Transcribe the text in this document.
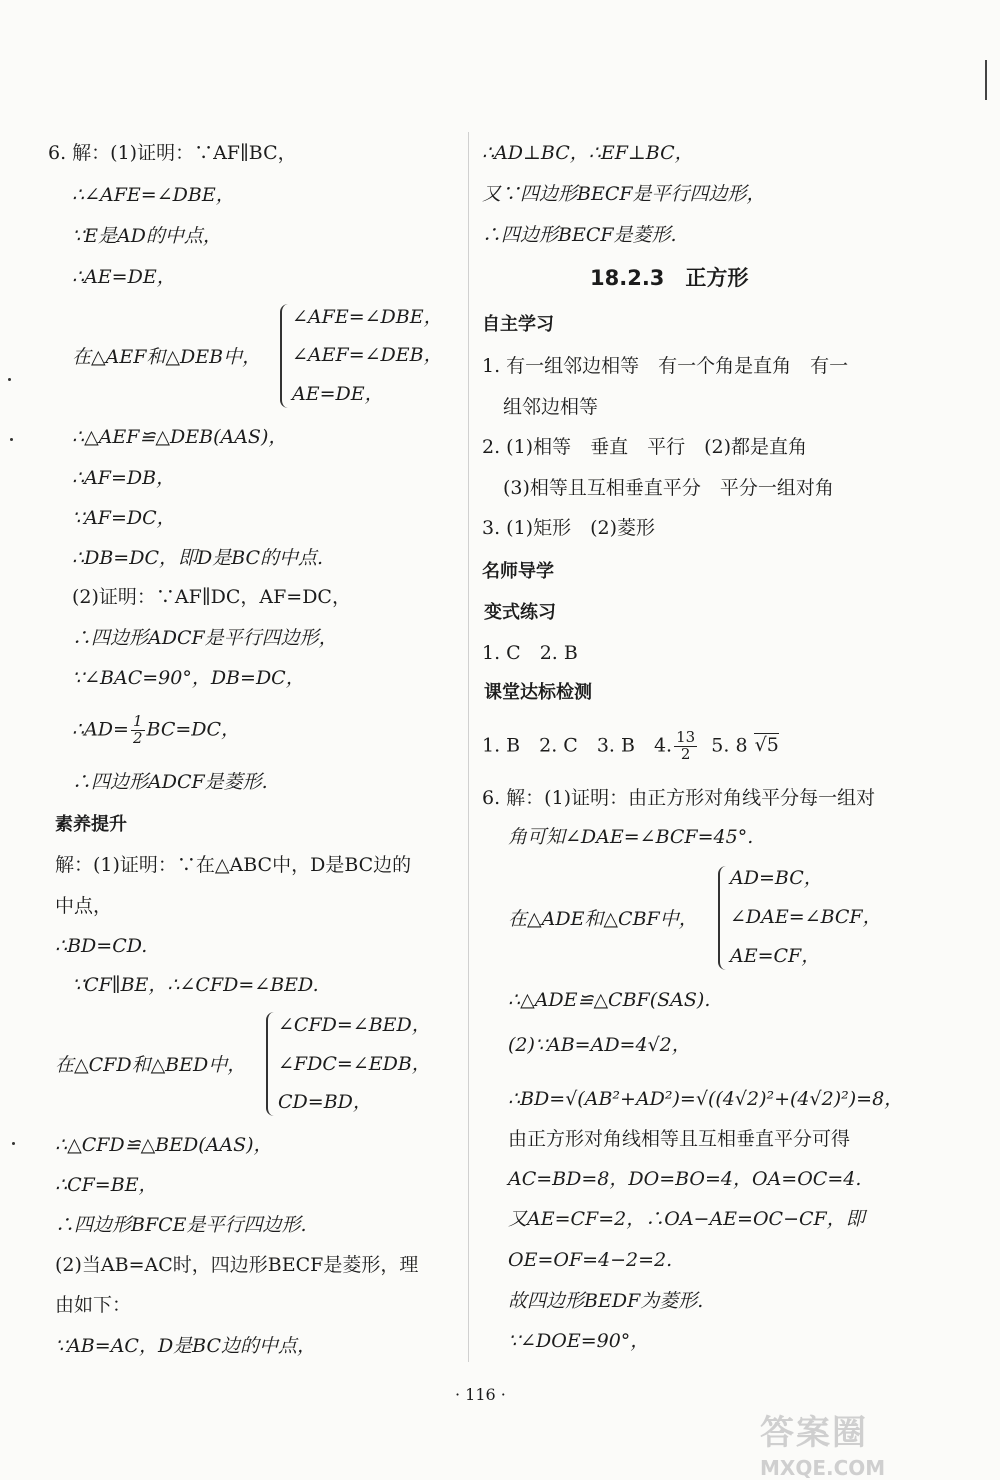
6. 解：(1)证明：∵AF∥BC，
∴∠AFE=∠DBE，
∵E是AD的中点，
∴AE=DE，
在△AEF和△DEB中，
∠AFE=∠DBE，
∠AEF=∠DEB，
AE=DE，
∴△AEF≌△DEB(AAS)，
∴AF=DB，
∵AF=DC，
∴DB=DC，即D是BC的中点.
(2)证明：∵AF∥DC，AF=DC，
∴四边形ADCF是平行四边形，
∵∠BAC=90°，DB=DC，
∴AD= $\frac{1}{2} BC=DC$，
∴四边形ADCF是菱形.
素养提升
解：(1)证明：∵在△ABC中，D是BC边的
中点，
∴BD=CD.
∵CF∥BE，∴∠CFD=∠BED.
在△CFD和△BED中，
∠CFD=∠BED，
∠FDC=∠EDB，
CD=BD，
∴△CFD≌△BED(AAS)，
∴CF=BE，
∴四边形BFCE是平行四边形.
(2)当AB=AC时，四边形BECF是菱形，理
由如下：
∵AB=AC，D是BC边的中点，
∴AD⊥BC，∴EF⊥BC，
又∵四边形BECF是平行四边形，
∴四边形BECF是菱形.
18.2.3　正方形
自主学习
1. 有一组邻边相等　有一个角是直角　有一
组邻边相等
2. (1)相等　垂直　平行　(2)都是直角
(3)相等且互相垂直平分　平分一组对角
3. (1)矩形　(2)菱形
名师导学
变式练习
1. C　2. B
课堂达标检测
1. B　2. C　3. B　4. $\frac{13}{2} 5$. 8 √5
6. 解：(1)证明：由正方形对角线平分每一组对
角可知∠DAE=∠BCF=45°.
在△ADE和△CBF中，
AD=BC，
∠DAE=∠BCF，
AE=CF，
∴△ADE≌△CBF(SAS).
(2)∵AB=AD=4√2，
∴BD=√(AB²+AD²)=√((4√2)²+(4√2)²)=8，
由正方形对角线相等且互相垂直平分可得
AC=BD=8，DO=BO=4，OA=OC=4.
又AE=CF=2，∴OA−AE=OC−CF，即
OE=OF=4−2=2.
故四边形BEDF为菱形.
∵∠DOE=90°，
· 116 ·
答案圈
MXQE.COM
